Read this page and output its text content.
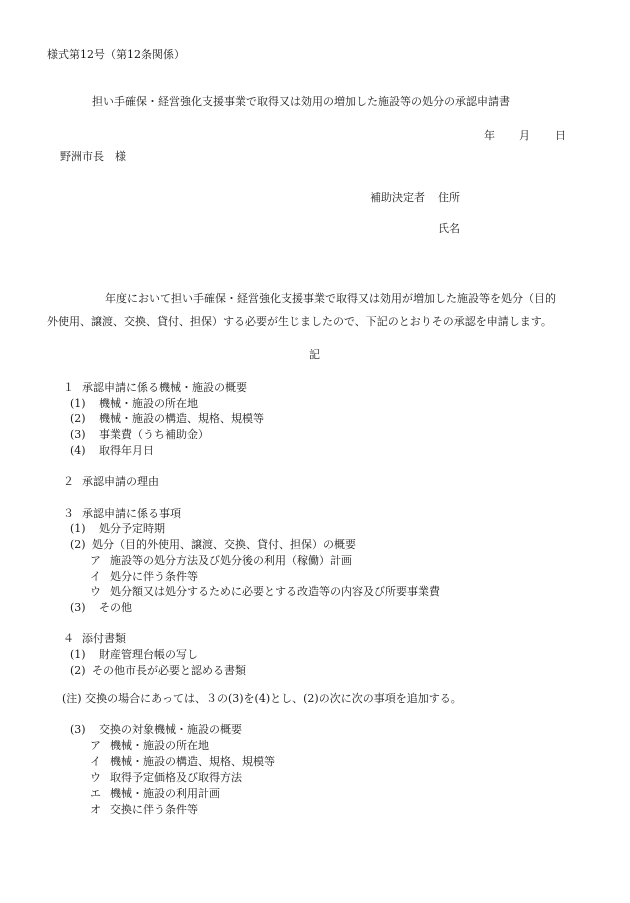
様式第12号（第12条関係）
担い手確保・経営強化支援事業で取得又は効用の増加した施設等の処分の承認申請書
年 月 日
野洲市長　様
補助決定者 住所
氏名
年度において担い手確保・経営強化支援事業で取得又は効用が増加した施設等を処分（目的
外使用、譲渡、交換、貸付、担保）する必要が生じましたので、下記のとおりその承認を申請します。
記
１ 承認申請に係る機械・施設の概要
(1) 機械・施設の所在地
(2) 機械・施設の構造、規格、規模等
(3) 事業費（うち補助金）
(4) 取得年月日
２ 承認申請の理由
３ 承認申請に係る事項
(1) 処分予定時期
(2) 処分（目的外使用、譲渡、交換、貸付、担保）の概要
ア 施設等の処分方法及び処分後の利用（稼働）計画
イ 処分に伴う条件等
ウ 処分額又は処分するために必要とする改造等の内容及び所要事業費
(3) その他
４ 添付書類
(1) 財産管理台帳の写し
(2) その他市長が必要と認める書類
(注) 交換の場合にあっては、３の(3)を(4)とし、(2)の次に次の事項を追加する。
(3) 交換の対象機械・施設の概要
ア 機械・施設の所在地
イ 機械・施設の構造、規格、規模等
ウ 取得予定価格及び取得方法
エ 機械・施設の利用計画
オ 交換に伴う条件等
